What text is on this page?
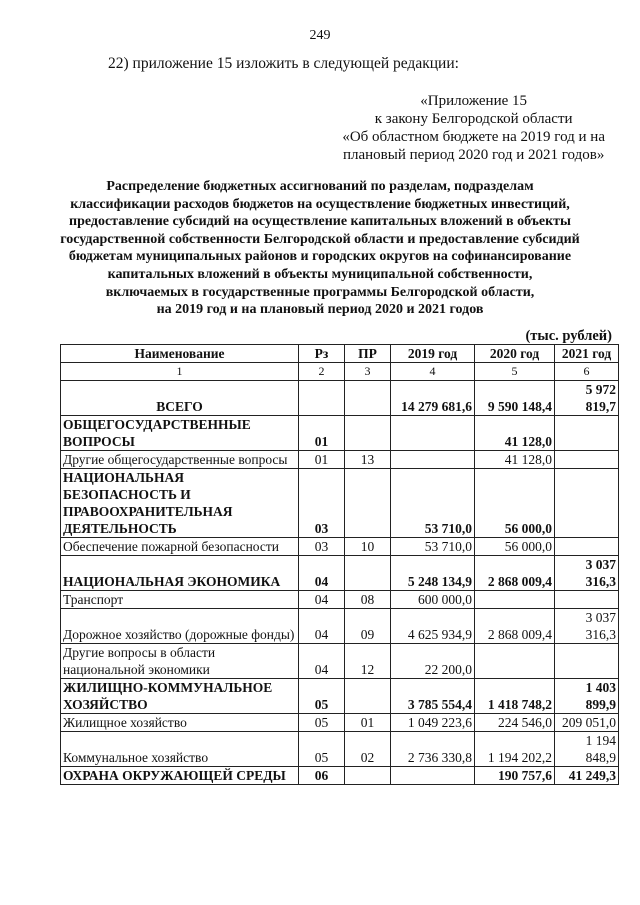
249
22) приложение 15 изложить в следующей редакции:
«Приложение 15
к закону Белгородской области
«Об областном бюджете на 2019 год и на
плановый период 2020 год и 2021 годов»
Распределение бюджетных ассигнований по разделам, подразделам
классификации расходов бюджетов на осуществление бюджетных инвестиций,
предоставление субсидий на осуществление капитальных вложений в объекты
государственной собственности Белгородской области и предоставление субсидий
бюджетам муниципальных районов и городских округов на софинансирование
капитальных вложений в объекты муниципальной собственности,
включаемых в государственные программы Белгородской области,
на 2019 год и на плановый период 2020 и 2021 годов
(тыс. рублей)
Наименование	Рз	ПР	2019 год	2020 год	2021 год
1	2	3	4	5	6
ВСЕГО			14 279 681,6	9 590 148,4	5 972 819,7
ОБЩЕГОСУДАРСТВЕННЫЕ ВОПРОСЫ	01			41 128,0	
Другие общегосударственные вопросы	01	13		41 128,0	
НАЦИОНАЛЬНАЯ БЕЗОПАСНОСТЬ И ПРАВООХРАНИТЕЛЬНАЯ ДЕЯТЕЛЬНОСТЬ	03		53 710,0	56 000,0	
Обеспечение пожарной безопасности	03	10	53 710,0	56 000,0	
НАЦИОНАЛЬНАЯ ЭКОНОМИКА	04		5 248 134,9	2 868 009,4	3 037 316,3
Транспорт	04	08	600 000,0		
Дорожное хозяйство (дорожные фонды)	04	09	4 625 934,9	2 868 009,4	3 037 316,3
Другие вопросы в области национальной экономики	04	12	22 200,0		
ЖИЛИЩНО-КОММУНАЛЬНОЕ ХОЗЯЙСТВО	05		3 785 554,4	1 418 748,2	1 403 899,9
Жилищное хозяйство	05	01	1 049 223,6	224 546,0	209 051,0
Коммунальное хозяйство	05	02	2 736 330,8	1 194 202,2	1 194 848,9
ОХРАНА ОКРУЖАЮЩЕЙ СРЕДЫ	06			190 757,6	41 249,3
